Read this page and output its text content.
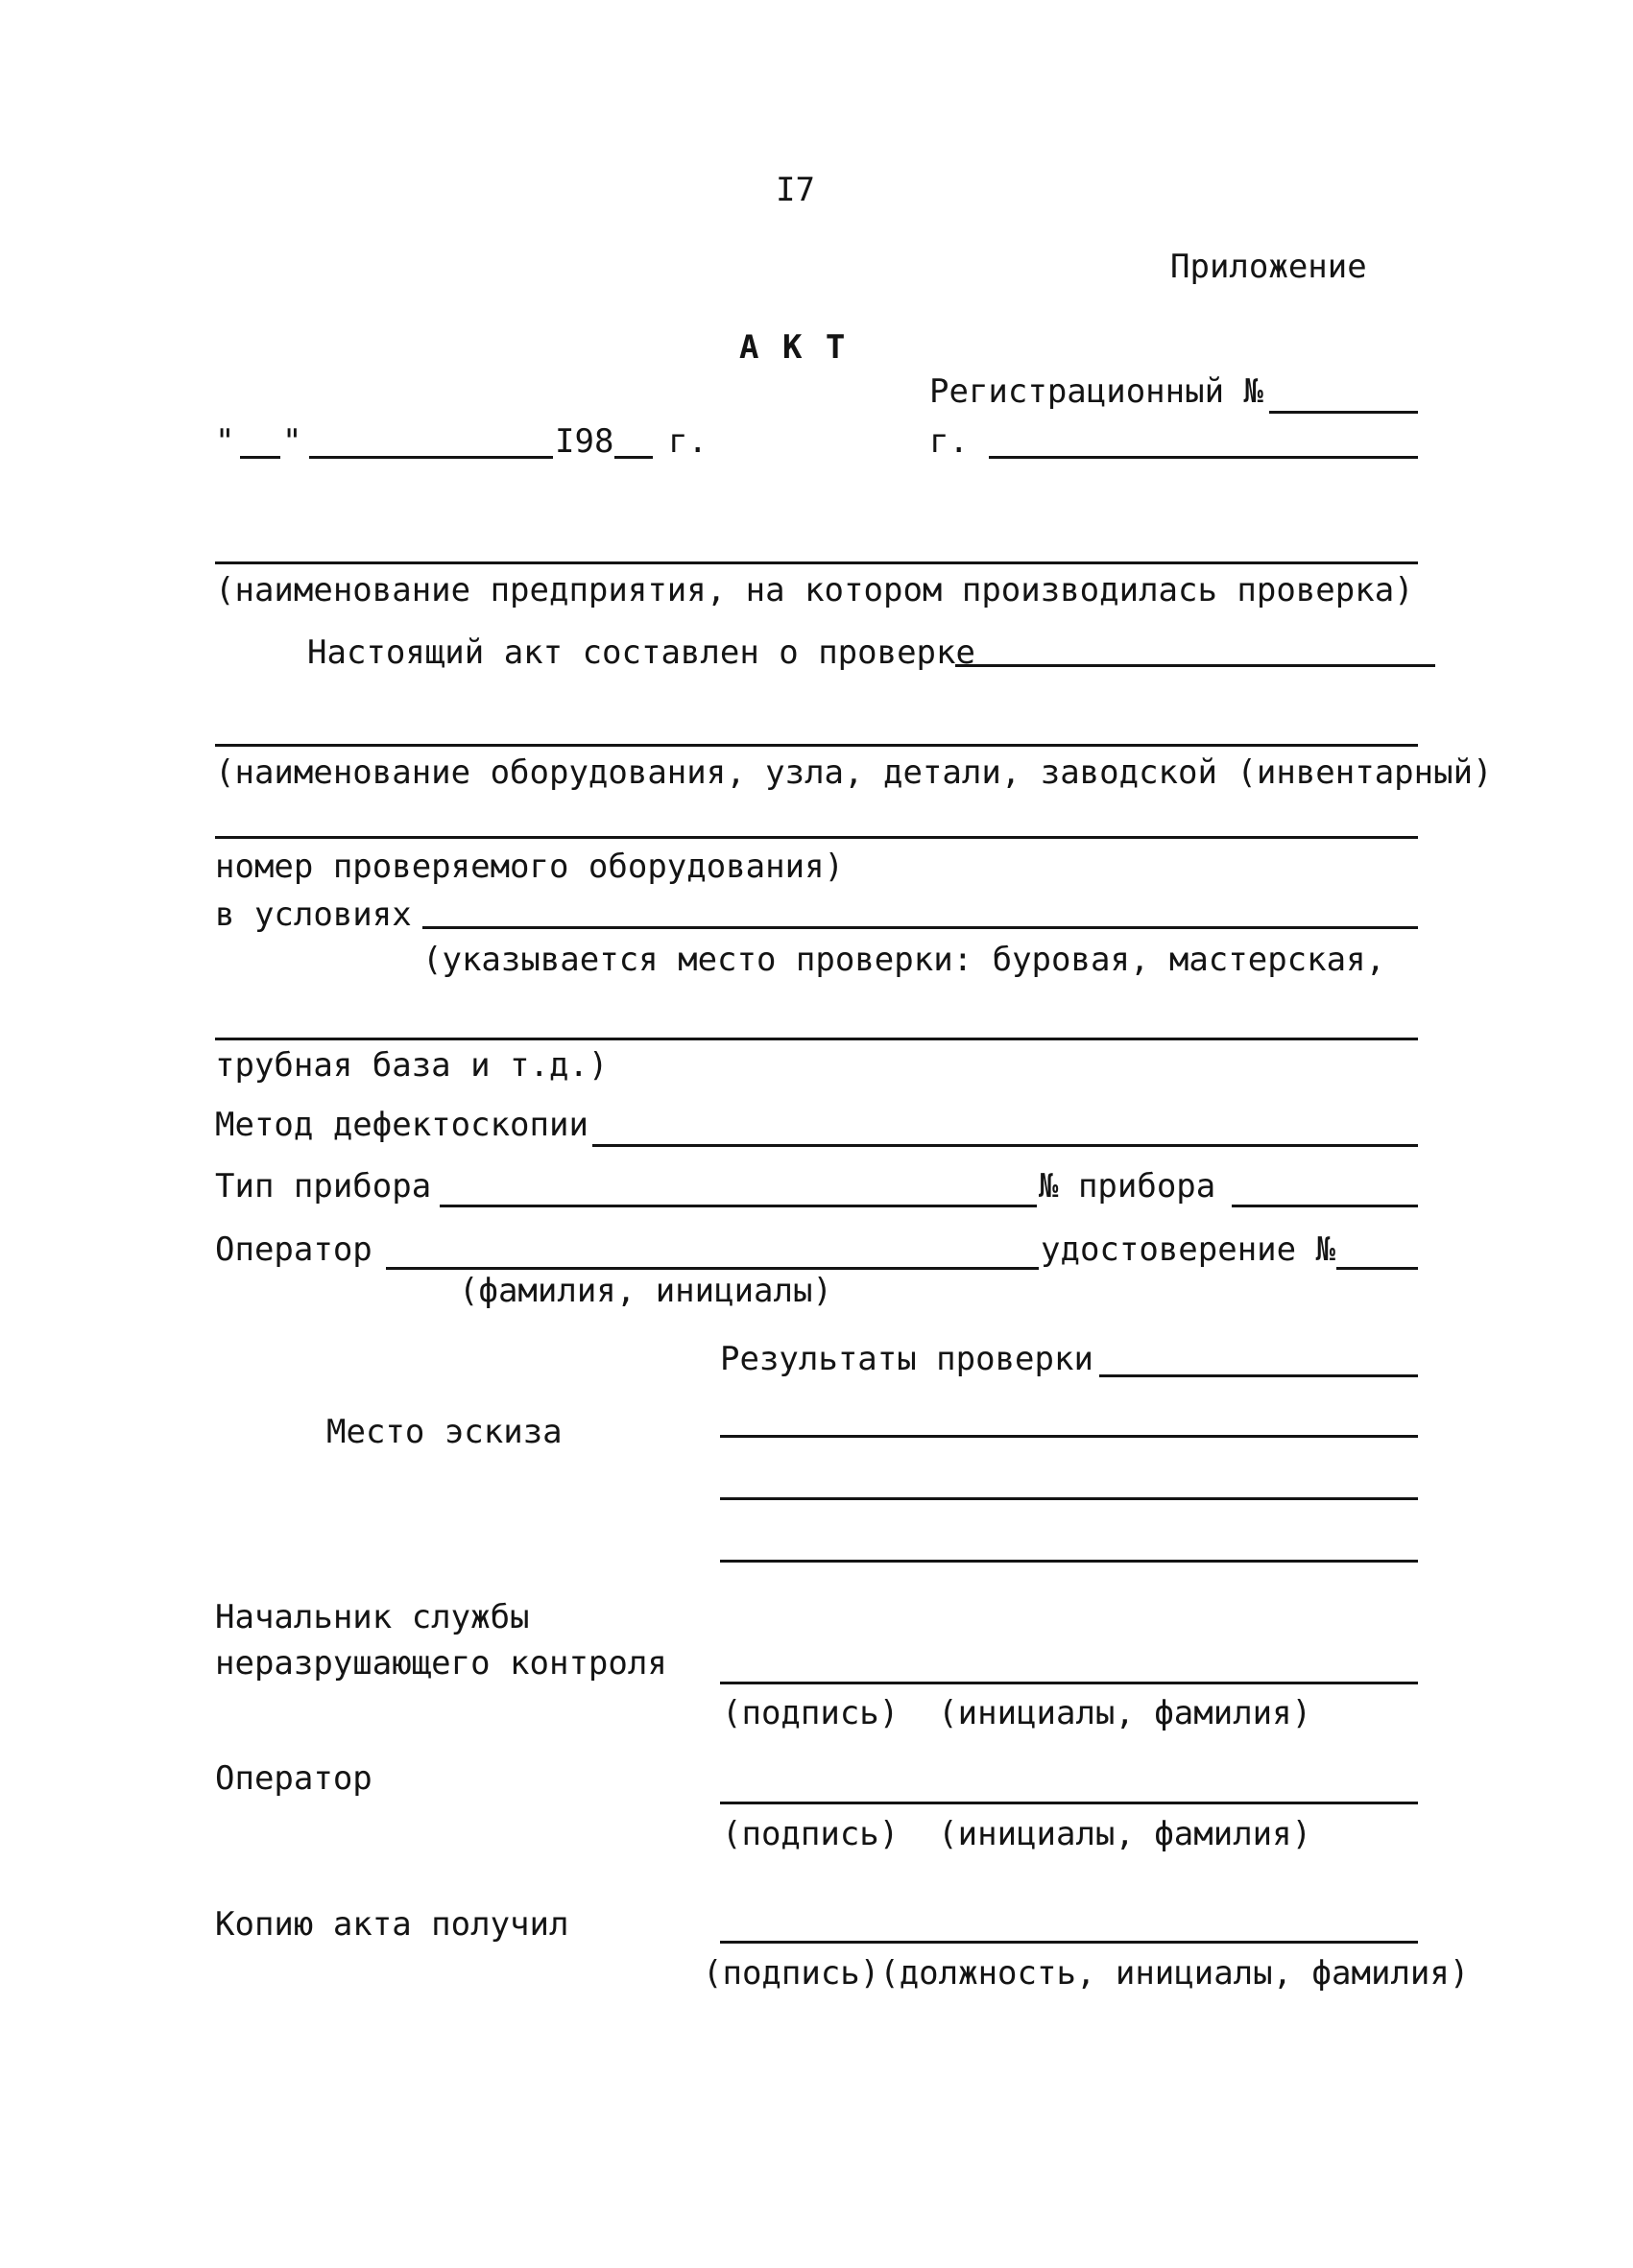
I7

Приложение

А К Т

Регистрационный №

г.

" "	I98 г.

(наименование предприятия, на котором производилась проверка)

Настоящий акт составлен о проверке

(наименование оборудования, узла, детали, заводской (инвентарный)

номер проверяемого оборудования)

в условиях

(указывается место проверки: буровая, мастерская,

трубная база и т.д.)

Метод дефектоскопии

Тип прибора	№ прибора

Оператор	удостоверение №

(фамилия, инициалы)

Результаты проверки

Место эскиза

Начальник службы

неразрушающего контроля

(подпись)  (инициалы, фамилия)

Оператор

(подпись)  (инициалы, фамилия)

Копию акта получил

(подпись)(должность, инициалы, фамилия)
